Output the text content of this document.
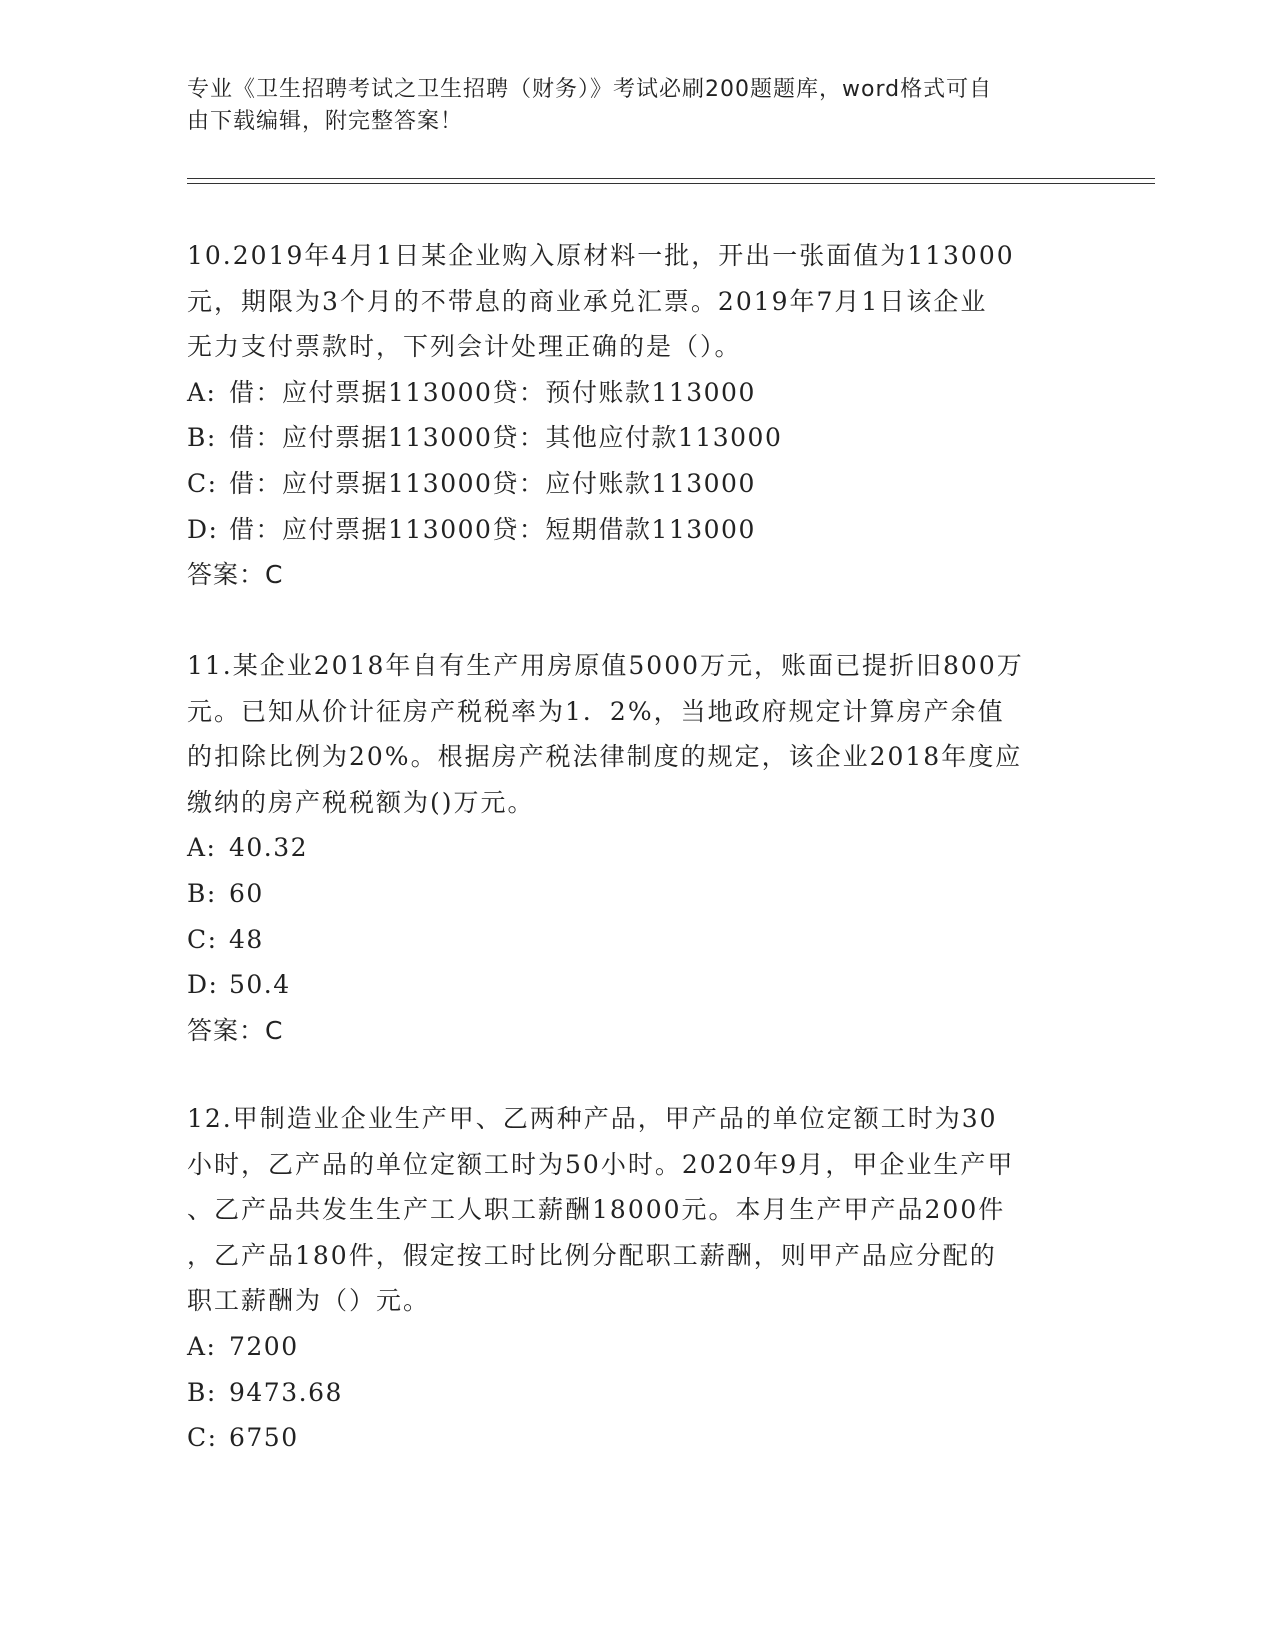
专业《卫生招聘考试之卫生招聘（财务）》考试必刷200题题库，word格式可自
由下载编辑，附完整答案！

10.2019年4月1日某企业购入原材料一批，开出一张面值为113000

元，期限为3个月的不带息的商业承兑汇票。2019年7月1日该企业

无力支付票款时，下列会计处理正确的是（）。

A: 借：应付票据113000贷：预付账款113000

B: 借：应付票据113000贷：其他应付款113000

C: 借：应付票据113000贷：应付账款113000

D: 借：应付票据113000贷：短期借款113000

答案：C

11.某企业2018年自有生产用房原值5000万元，账面已提折旧800万

元。已知从价计征房产税税率为1．2%，当地政府规定计算房产余值

的扣除比例为20%。根据房产税法律制度的规定，该企业2018年度应

缴纳的房产税税额为()万元。

A: 40.32

B: 60

C: 48

D: 50.4

答案：C

12.甲制造业企业生产甲、乙两种产品，甲产品的单位定额工时为30

小时，乙产品的单位定额工时为50小时。2020年9月，甲企业生产甲

、乙产品共发生生产工人职工薪酬18000元。本月生产甲产品200件

，乙产品180件，假定按工时比例分配职工薪酬，则甲产品应分配的

职工薪酬为（）元。

A: 7200

B: 9473.68

C: 6750
